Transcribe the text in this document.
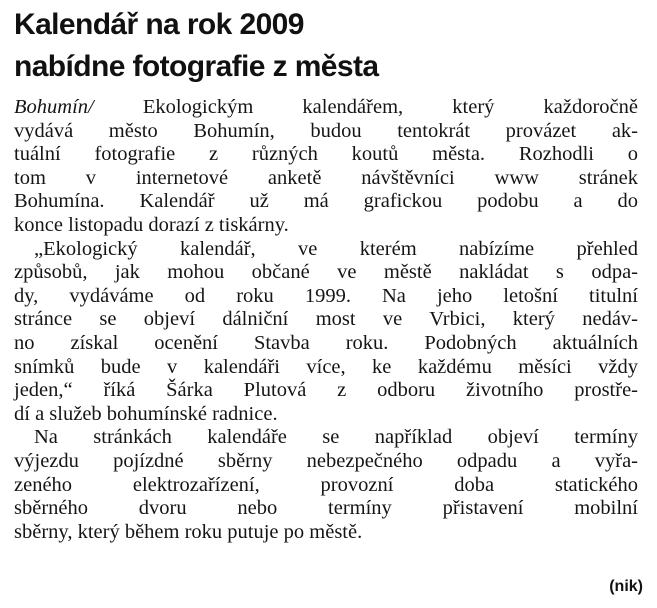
Kalendář na rok 2009
nabídne fotografie z města

Bohumín/ Ekologickým kalendářem, který každoročně
vydává město Bohumín, budou tentokrát provázet ak-
tuální fotografie z různých koutů města. Rozhodli o
tom v internetové anketě návštěvníci www stránek
Bohumína. Kalendář už má grafickou podobu a do
konce listopadu dorazí z tiskárny.

„Ekologický kalendář, ve kterém nabízíme přehled
způsobů, jak mohou občané ve městě nakládat s odpa-
dy, vydáváme od roku 1999. Na jeho letošní titulní
stránce se objeví dálniční most ve Vrbici, který nedáv-
no získal ocenění Stavba roku. Podobných aktuálních
snímků bude v kalendáři více, ke každému měsíci vždy
jeden,“ říká Šárka Plutová z odboru životního prostře-
dí a služeb bohumínské radnice.

Na stránkách kalendáře se například objeví termíny
výjezdu pojízdné sběrny nebezpečného odpadu a vyřa-
zeného elektrozařízení, provozní doba statického
sběrného dvoru nebo termíny přistavení mobilní
sběrny, který během roku putuje po městě.

(nik)
